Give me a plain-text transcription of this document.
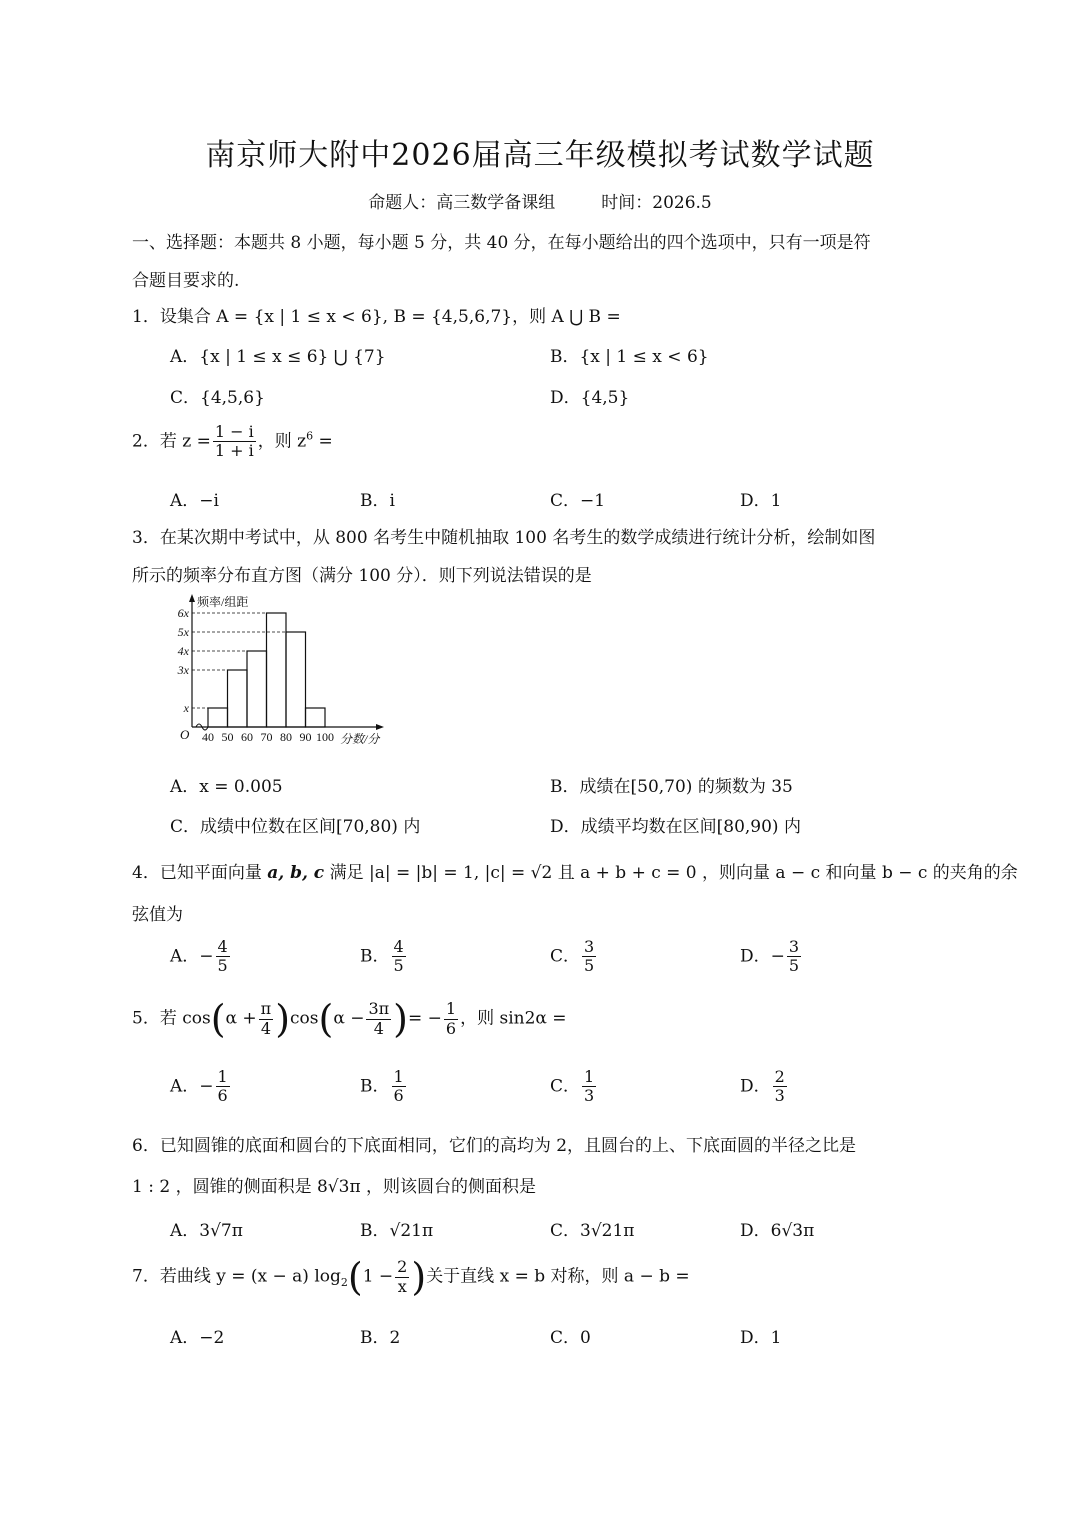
南京师大附中2026届高三年级模拟考试数学试题
命题人：高三数学备课组	时间：2026.5
一、选择题：本题共 8 小题，每小题 5 分，共 40 分，在每小题给出的四个选项中，只有一项是符
合题目要求的.
1．设集合 A = {x | 1 ≤ x < 6}, B = {4,5,6,7}，则 A ⋃ B =
A．{x | 1 ≤ x ≤ 6} ⋃ {7}	B．{x | 1 ≤ x < 6}
C．{4,5,6}	D．{4,5}
2．若 $z = \frac{1 - i}{1 + i}$ ，则 $z^6$ =
A．−i	B．i	C．−1	D．1
3．在某次期中考试中，从 800 名考生中随机抽取 100 名考生的数学成绩进行统计分析，绘制如图
所示的频率分布直方图（满分 100 分）．则下列说法错误的是
x
3x
4x
5x
6x
40 50 60 70 80 90 100
O
频率/组距
分数/分
A．x = 0.005	B．成绩在[50,70) 的频数为 35
C．成绩中位数在区间[70,80) 内	D．成绩平均数在区间[80,90) 内
4．已知平面向量 a, b, c 满足 |a| = |b| = 1, |c| = √2 且 a + b + c = 0 ，则向量 a − c 和向量 b − c 的夹角的余
弦值为
A．− $\frac{4}{5}$	B． $\frac{4}{5}$	C． $\frac{3}{5}$	D．− $\frac{3}{5}$
5．若 $\cos(\alpha + \frac{\pi}{4} )\cos(\alpha - \frac{3\pi}{4}$ )= − $\frac{1}{6}$ ，则 sin2α =
A．− $\frac{1}{6}$	B． $\frac{1}{6}$	C． $\frac{1}{3}$	D． $\frac{2}{3}$
6．已知圆锥的底面和圆台的下底面相同，它们的高均为 2，且圆台的上、下底面圆的半径之比是
1 : 2 ，圆锥的侧面积是 8√3π ，则该圆台的侧面积是
A．3√7π	B．√21π	C．3√21π	D．6√3π
7．若曲线 y = (x − a) $\log_2(1 - \frac{2}{x}$ )关于直线 x = b 对称，则 a − b =
A．−2	B．2	C．0	D．1
